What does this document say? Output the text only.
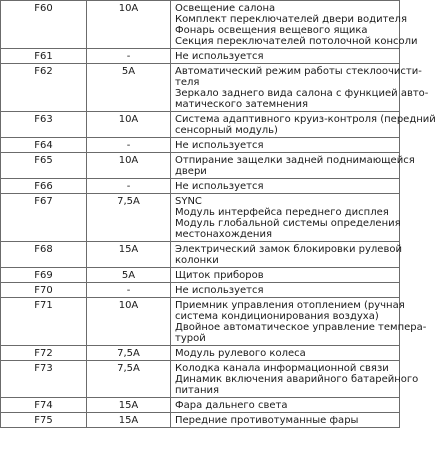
F60	10A	Освещение салона
Комплект переключателей двери водителя
Фонарь освещения вещевого ящика
Секция переключателей потолочной консоли

F61	-	Не используется

F62	5A	Автоматический режим работы стеклоочисти-
теля
Зеркало заднего вида салона с функцией авто-
матического затемнения

F63	10A	Система адаптивного круиз-контроля (передний
сенсорный модуль)

F64	-	Не используется

F65	10A	Отпирание защелки задней поднимающейся
двери

F66	-	Не используется

F67	7,5A	SYNC
Модуль интерфейса переднего дисплея
Модуль глобальной системы определения
местонахождения

F68	15A	Электрический замок блокировки рулевой
колонки

F69	5A	Щиток приборов

F70	-	Не используется

F71	10A	Приемник управления отоплением (ручная
система кондиционирования воздуха)
Двойное автоматическое управление темпера-
турой

F72	7,5A	Модуль рулевого колеса

F73	7,5A	Колодка канала информационной связи
Динамик включения аварийного батарейного
питания

F74	15A	Фара дальнего света

F75	15A	Передние противотуманные фары
